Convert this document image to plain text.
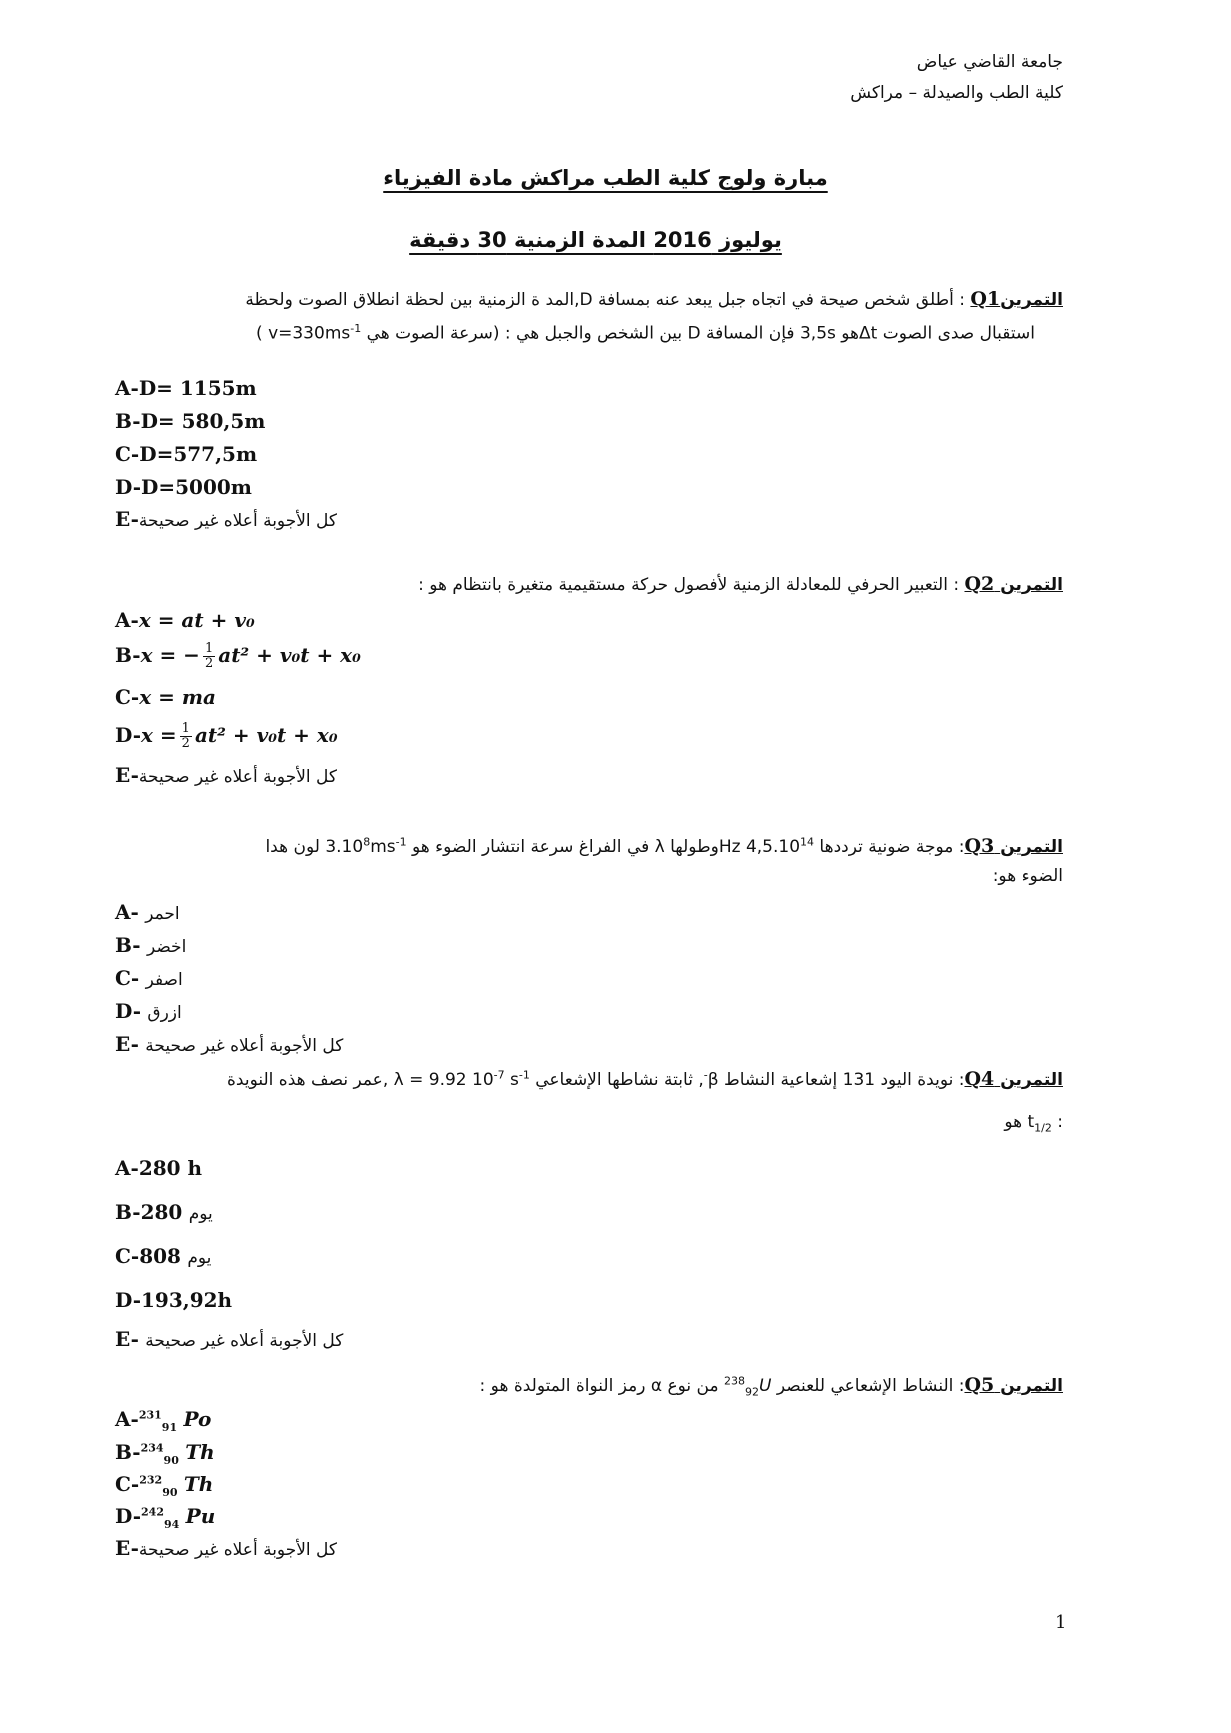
جامعة القاضي عياض
كلية الطب والصيدلة – مراكش
مبارة ولوج كلية الطب مراكش مادة الفيزياء
يوليوز 2016 المدة الزمنية 30 دقيقة
التمرينQ1 : أطلق شخص صيحة في اتجاه جبل يبعد عنه بمسافة D,المد ة الزمنية بين لحظة انطلاق الصوت ولحظة
استقبال صدى الصوت Δtهو 3,5s فإن المسافة D بين الشخص والجبل هي : (سرعة الصوت هي $v=330ms^{-1}$ )
A-D= 1155m
B-D= 580,5m
C-D=577,5m
D-D=5000m
E-كل الأجوبة أعلاه غير صحيحة
التمرين Q2 : التعبير الحرفي للمعادلة الزمنية لأفصول حركة مستقيمية متغيرة بانتظام هو :
A-x = at + v₀
B-x = − $\frac{1}{2} at^2 + v_0t + x_0$
C-x = ma
$D-x = \frac{1}{2} at^2 + v_0t + x_0$
E-كل الأجوبة أعلاه غير صحيحة
التمرين Q3: موجة ضونية ترددها 4,5.10$^{14}$ Hzوطولها λ في الفراغ سرعة انتشار الضوء هو $3.10^8ms^{-1}$ لون هدا
الضوء هو:
A- احمر
B- اخضر
C- اصفر
D- ازرق
E- كل الأجوبة أعلاه غير صحيحة
التمرين Q4: نويدة اليود 131 إشعاعية النشاط β-, ثابتة نشاطها الإشعاعي λ = 9.92 $10^{-7}$ $s^{-1}$ ,عمر نصف هذه النويدة
: $t_{1/2}$ هو
A-280 h
B-280 يوم
C-808 يوم
D-193,92h
E- كل الأجوبة أعلاه غير صحيحة
التمرين Q5: النشاط الإشعاعي للعنصر $^{238}_{92}$U من نوع α رمز النواة المتولدة هو :
A-$^{231}_{91}$ Po
B-$^{234}_{90}$ Th
C-$^{232}_{90}$ Th
D-$^{242}_{94}$ Pu
E-كل الأجوبة أعلاه غير صحيحة
1
